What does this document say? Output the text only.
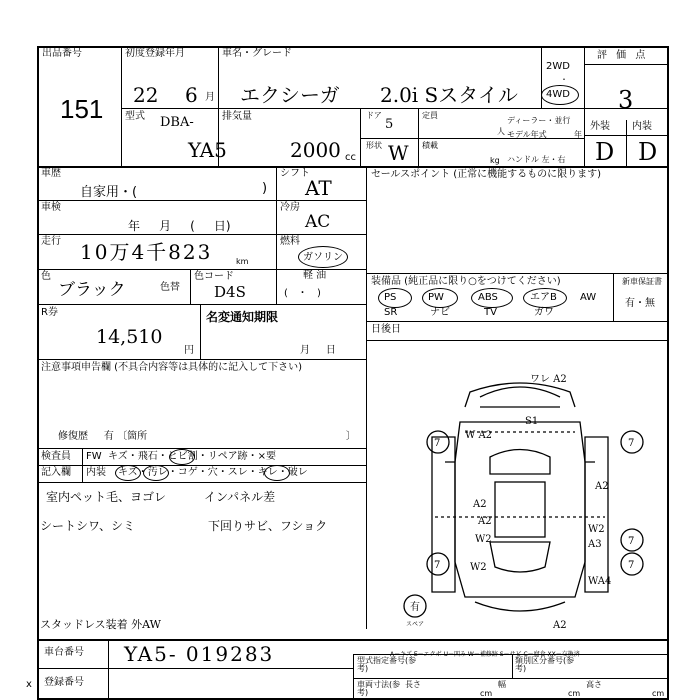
出品番号
151
初度登録年月
22 6 月
車名・グレード
エクシーガ 2.0i Sスタイル
2WD
・
4WD
評 価 点
3
外装 内装
D D
型式 DBA-
YA5
排気量
2000 cc
ドア
5
形状 W
定員
人
積載
kg
ディーラー・並行
モデル年式	年
ハンドル 左・右
車歴
自家用・(	)
車検
年     月     (     日)
走行 10万4千823	km
色
ブラック	色替
色コード
D4S
シフト
AT
冷房
AC
燃料
ガソリン
軽 油
(   ・   )
R券
14,510
円
名変通知期限
月     日
注意事項申告欄 (不具合内容等は具体的に記入して下さい)
修復歴     有 〔箇所	〕
検査員
記入欄
FW  キズ・飛石・ヒビ割・リペア跡・×要
内装 キズ・汚レ・コゲ・穴・スレ・キレ・破レ
室内ペット毛、ヨゴレ	インパネル差
シートシワ、シミ	下回りサビ、フショク
スタッドレス装着 外AW
x
セールスポイント (正常に機能するものに限ります)
装備品 (純正品に限り○をつけてください)	新車保証書
有・無
PS	PW	ABS	エアB AW
SR	ナビ	TV	ガワ
日後日
ワレ A2
S1
W A2
A2
A2
W2
A2
W2
A3
WA4
W2
A2
7	7
7	7
7
有
スペア
A－キズ E－エクボ U－凹み W－補修跡 S－サビ C－腐食 XX－交換済
車台番号 YA5- 019283
登録番号
型式指定番号(参考)
類別区分番号(参考)
車両寸法(参考)
長さ
cm
幅
cm
高さ
cm
